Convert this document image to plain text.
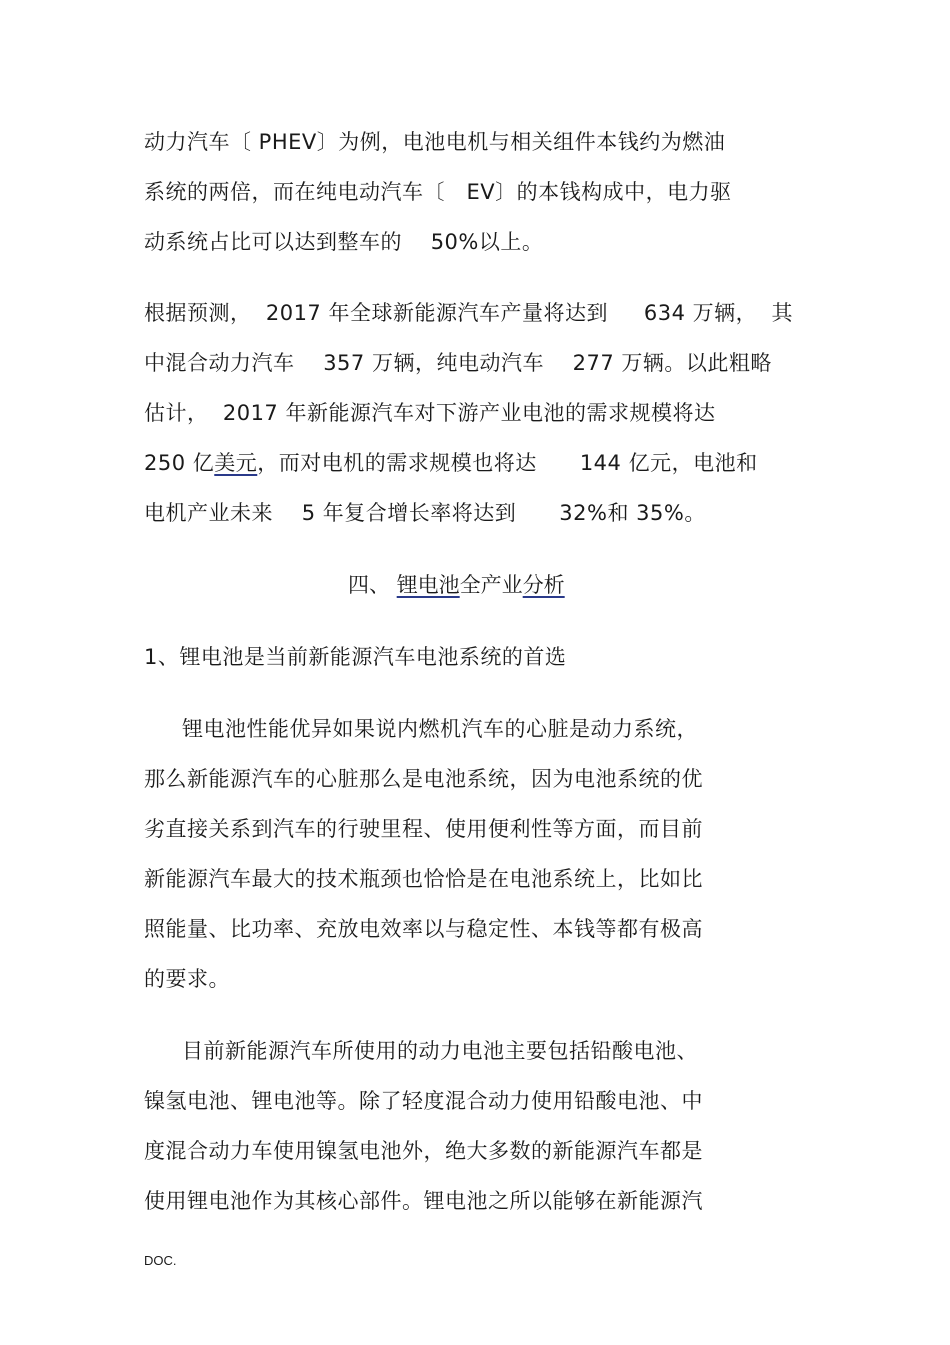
动力汽车〔 PHEV〕为例，电池电机与相关组件本钱约为燃油
系统的两倍，而在纯电动汽车〔   EV〕的本钱构成中，电力驱
动系统占比可以达到整车的    50%以上。
根据预测，  2017 年全球新能源汽车产量将达到     634 万辆，  其
中混合动力汽车    357 万辆，纯电动汽车    277 万辆。以此粗略
估计，  2017 年新能源汽车对下游产业电池的需求规模将达
250 亿美元，而对电机的需求规模也将达      144 亿元，电池和
电机产业未来    5 年复合增长率将达到      32%和 35%。
四、 锂电池全产业分析
1、锂电池是当前新能源汽车电池系统的首选
锂电池性能优异如果说内燃机汽车的心脏是动力系统，
那么新能源汽车的心脏那么是电池系统，因为电池系统的优
劣直接关系到汽车的行驶里程、使用便利性等方面，而目前
新能源汽车最大的技术瓶颈也恰恰是在电池系统上，比如比
照能量、比功率、充放电效率以与稳定性、本钱等都有极高
的要求。
目前新能源汽车所使用的动力电池主要包括铅酸电池、
镍氢电池、锂电池等。除了轻度混合动力使用铅酸电池、中
度混合动力车使用镍氢电池外，绝大多数的新能源汽车都是
使用锂电池作为其核心部件。锂电池之所以能够在新能源汽
DOC.
